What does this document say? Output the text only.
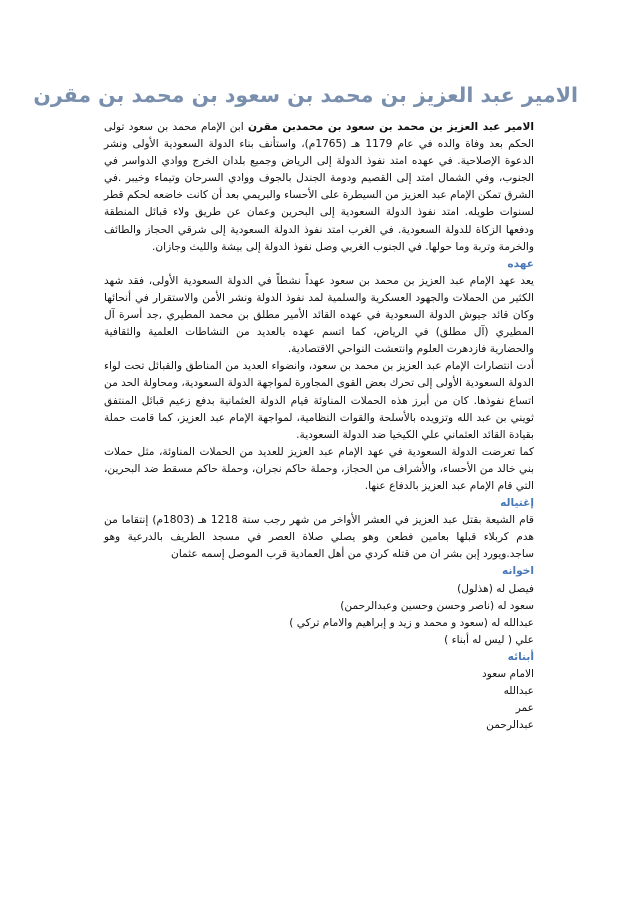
الامير عبد العزيز بن محمد بن سعود بن محمد بن مقرن

الامير عبد العزيز بن محمد بن سعود بن محمدبن مقرن ابن الإمام محمد بن سعود تولى الحكم بعد وفاة والده في عام 1179 هـ (1765م)، واستأنف بناء الدولة السعودية الأولى ونشر الدعوة الإصلاحية. في عهده امتد نفوذ الدولة إلى الرياض وجميع بلدان الخرج ووادي الدواسر في الجنوب، وفي الشمال امتد إلى القصيم ودومة الجندل بالجوف ووادي السرحان وتيماء وخيبر .في الشرق تمكن الإمام عبد العزيز من السيطرة على الأحساء والبريمي بعد أن كانت خاضعه لحكم قطر لسنوات طويله. امتد نفوذ الدولة السعودية إلى البحرين وعمان عن طريق ولاء قبائل المنطقة ودفعها الزكاة للدولة السعودية. في الغرب امتد نفوذ الدولة السعودية إلى شرقي الحجاز والطائف والخرمة وتربة وما حولها. في الجنوب الغربي وصل نفوذ الدولة إلى بيشة والليث وجازان.

عهده

يعد عهد الإمام عبد العزيز بن محمد بن سعود عهداً نشطاً في الدولة السعودية الأولى، فقد شهد الكثير من الحملات والجهود العسكرية والسلمية لمد نفوذ الدولة ونشر الأمن والاستقرار في أنحائها وكان قائد جيوش الدولة السعودية في عهده القائد الأمير مطلق بن محمد المطيري ,جد أسرة آل المطيري (آل مطلق) في الرياض، كما اتسم عهده بالعديد من النشاطات العلمية والثقافية والحضارية فازدهرت العلوم وانتعشت النواحي الاقتصادية.

أدت انتصارات الإمام عبد العزيز بن محمد بن سعود، وانضواء العديد من المناطق والقبائل تحت لواء الدولة السعودية الأولى إلى تحرك بعض القوى المجاورة لمواجهة الدولة السعودية، ومحاولة الحد من اتساع نفوذها. كان من أبرز هذه الحملات المناوئة قيام الدولة العثمانية بدفع زعيم قبائل المنتفق ثويني بن عبد الله وتزويده بالأسلحة والقوات النظامية، لمواجهة الإمام عبد العزيز، كما قامت حملة بقيادة القائد العثماني علي الكيخيا ضد الدولة السعودية.

كما تعرضت الدولة السعودية في عهد الإمام عبد العزيز للعديد من الحملات المناوئة، مثل حملات بني خالد من الأحساء، والأشراف من الحجاز، وحملة حاكم نجران، وحملة حاكم مسقط ضد البحرين، التي قام الإمام عبد العزيز بالدفاع عنها.

إغتياله

قام الشيعة بقتل عبد العزيز في العشر الأواخر من شهر رجب سنة 1218 هـ (1803م) إنتقاما من هدم كربلاء قبلها بعامين فطعن وهو يصلي صلاة العصر في مسجد الطريف بالدرعية وهو ساجد.ويورد إبن بشر ان من قتله كردي من أهل العمادية قرب الموصل إسمه عثمان

اخوانه

فيصل له (هذلول)

سعود له (ناصر وحسن وحسين وعبدالرحمن)

عبدالله له (سعود و محمد و زيد و إبراهيم والامام تركي )

علي ( ليس له أبناء )

أبنائه

الامام سعود

عبدالله

عمر

عبدالرحمن
